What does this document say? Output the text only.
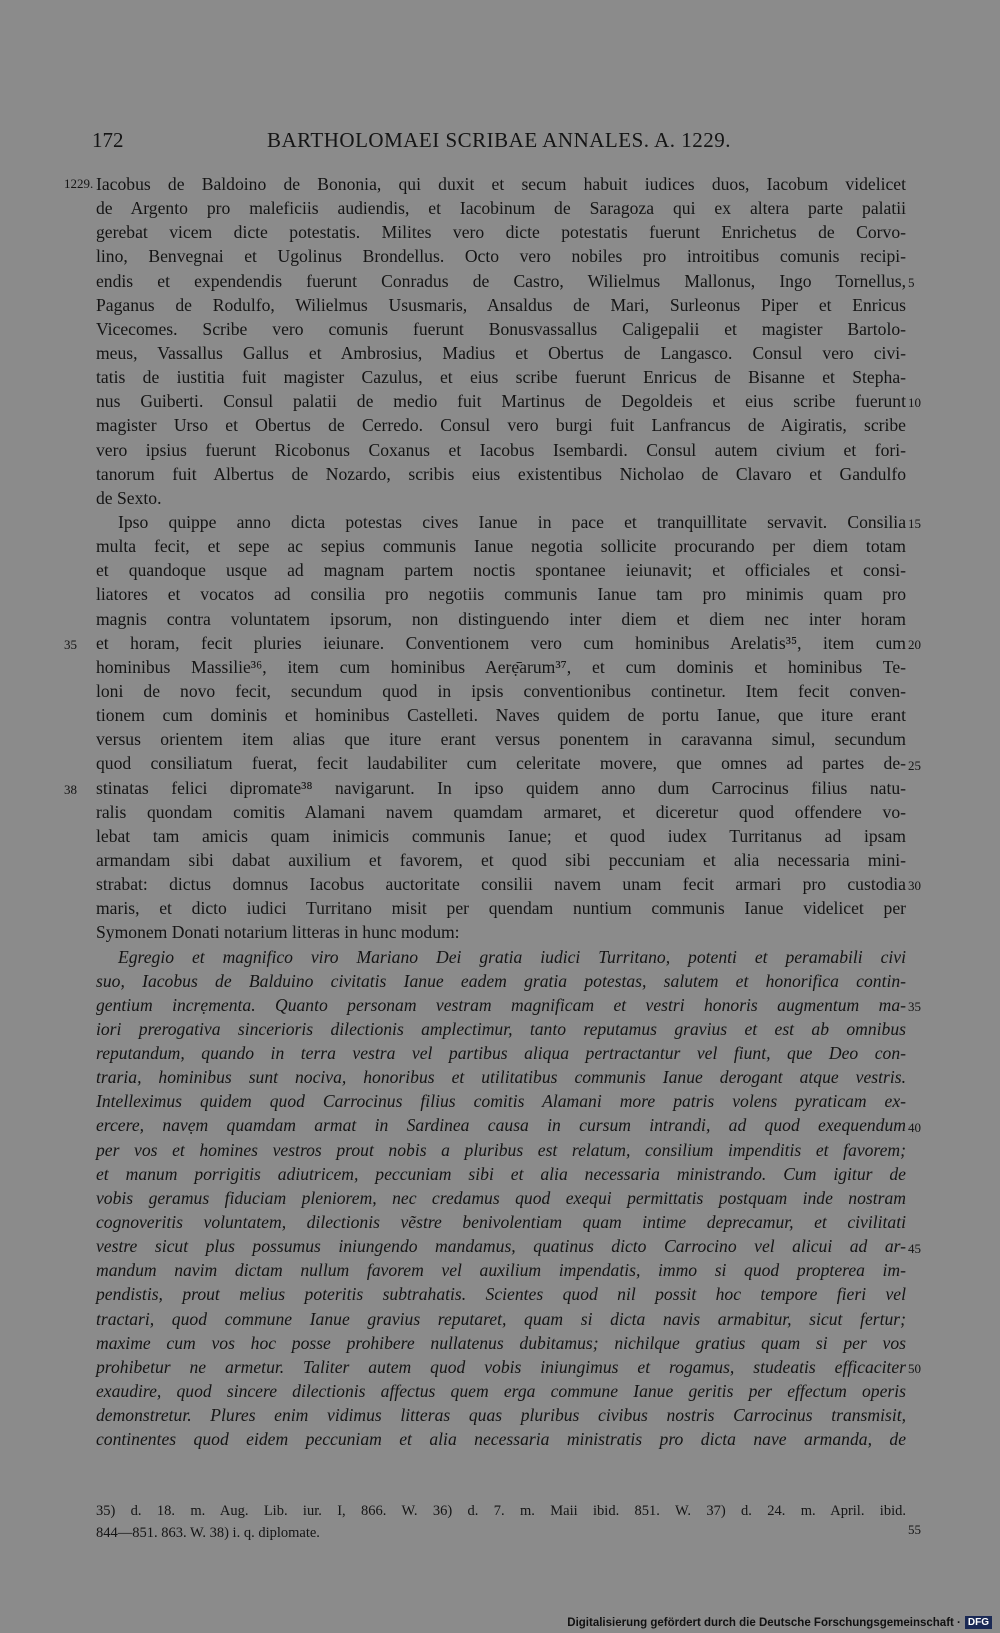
172	BARTHOLOMAEI SCRIBAE ANNALES. A. 1229.
1229. Iacobus de Baldoino de Bononia, qui duxit et secum habuit iudices duos, Iacobum videlicet
de Argento pro maleficiis audiendis, et Iacobinum de Saragoza qui ex altera parte palatii
gerebat vicem dicte potestatis. Milites vero dicte potestatis fuerunt Enrichetus de Corvo-
lino, Benvegnai et Ugolinus Brondellus. Octo vero nobiles pro introitibus comunis recipi-
endis et expendendis fuerunt Conradus de Castro, Wilielmus Mallonus, Ingo Tornellus,
Paganus de Rodulfo, Wilielmus Ususmaris, Ansaldus de Mari, Surleonus Piper et Enricus
Vicecomes. Scribe vero comunis fuerunt Bonusvassallus Caligepalii et magister Bartolo-
meus, Vassallus Gallus et Ambrosius, Madius et Obertus de Langasco. Consul vero civi-
tatis de iustitia fuit magister Cazulus, et eius scribe fuerunt Enricus de Bisanne et Stepha-
nus Guiberti. Consul palatii de medio fuit Martinus de Degoldeis et eius scribe fuerunt
magister Urso et Obertus de Cerredo. Consul vero burgi fuit Lanfrancus de Aigiratis, scribe
vero ipsius fuerunt Ricobonus Coxanus et Iacobus Isembardi. Consul autem civium et fori-
tanorum fuit Albertus de Nozardo, scribis eius existentibus Nicholao de Clavaro et Gandulfo
de Sexto.
Ipso quippe anno dicta potestas cives Ianue in pace et tranquillitate servavit. Consilia
multa fecit, et sepe ac sepius communis Ianue negotia sollicite procurando per diem totam
et quandoque usque ad magnam partem noctis spontanee ieiunavit; et officiales et consi-
liatores et vocatos ad consilia pro negotiis communis Ianue tam pro minimis quam pro
magnis contra voluntatem ipsorum, non distinguendo inter diem et diem nec inter horam
et horam, fecit pluries ieiunare. Conventionem vero cum hominibus Arelatis³⁵, item cum
hominibus Massilie³⁶, item cum hominibus Aerẹ̄arum³⁷, et cum dominis et hominibus Te-
loni de novo fecit, secundum quod in ipsis conventionibus continetur. Item fecit conven-
tionem cum dominis et hominibus Castelleti. Naves quidem de portu Ianue, que iture erant
versus orientem item alias que iture erant versus ponentem in caravanna simul, secundum
quod consiliatum fuerat, fecit laudabiliter cum celeritate movere, que omnes ad partes de-
stinatas felici dipromate³⁸ navigarunt. In ipso quidem anno dum Carrocinus filius natu-
ralis quondam comitis Alamani navem quamdam armaret, et diceretur quod offendere vo-
lebat tam amicis quam inimicis communis Ianue; et quod iudex Turritanus ad ipsam
armandam sibi dabat auxilium et favorem, et quod sibi peccuniam et alia necessaria mini-
strabat: dictus domnus Iacobus auctoritate consilii navem unam fecit armari pro custodia
maris, et dicto iudici Turritano misit per quendam nuntium communis Ianue videlicet per
Symonem Donati notarium litteras in hunc modum:
Egregio et magnifico viro Mariano Dei gratia iudici Turritano, potenti et peramabili civi
suo, Iacobus de Balduino civitatis Ianue eadem gratia potestas, salutem et honorifica contin-
gentium incrẹmenta. Quanto personam vestram magnificam et vestri honoris augmentum ma-
iori prerogativa sincerioris dilectionis amplectimur, tanto reputamus gravius et est ab omnibus
reputandum, quando in terra vestra vel partibus aliqua pertractantur vel fiunt, que Deo con-
traria, hominibus sunt nociva, honoribus et utilitatibus communis Ianue derogant atque vestris.
Intelleximus quidem quod Carrocinus filius comitis Alamani more patris volens pyraticam ex-
ercere, navẹm quamdam armat in Sardinea causa in cursum intrandi, ad quod exequendum
per vos et homines vestros prout nobis a pluribus est relatum, consilium impenditis et favorem;
et manum porrigitis adiutricem, peccuniam sibi et alia necessaria ministrando. Cum igitur de
vobis geramus fiduciam pleniorem, nec credamus quod exequi permittatis postquam inde nostram
cognoveritis voluntatem, dilectionis vẽstre benivolentiam quam intime deprecamur, et civilitati
vestre sicut plus possumus iniungendo mandamus, quatinus dicto Carrocino vel alicui ad ar-
mandum navim dictam nullum favorem vel auxilium impendatis, immo si quod propterea im-
pendistis, prout melius poteritis subtrahatis. Scientes quod nil possit hoc tempore fieri vel
tractari, quod commune Ianue gravius reputaret, quam si dicta navis armabitur, sicut fertur;
maxime cum vos hoc posse prohibere nullatenus dubitamus; nichilque gratius quam si per vos
prohibetur ne armetur. Taliter autem quod vobis iniungimus et rogamus, studeatis efficaciter
exaudire, quod sincere dilectionis affectus quem erga commune Ianue geritis per effectum operis
demonstretur. Plures enim vidimus litteras quas pluribus civibus nostris Carrocinus transmisit,
continentes quod eidem peccuniam et alia necessaria ministratis pro dicta nave armanda, de
5
10
15
20
25
30
35
40
45
50
35
38
35) d. 18. m. Aug. Lib. iur. I, 866. W. 36) d. 7. m. Maii ibid. 851. W. 37) d. 24. m. April. ibid.
844—851. 863. W. 38) i. q. diplomate.	55
Digitalisierung gefördert durch die Deutsche Forschungsgemeinschaft · DFG
